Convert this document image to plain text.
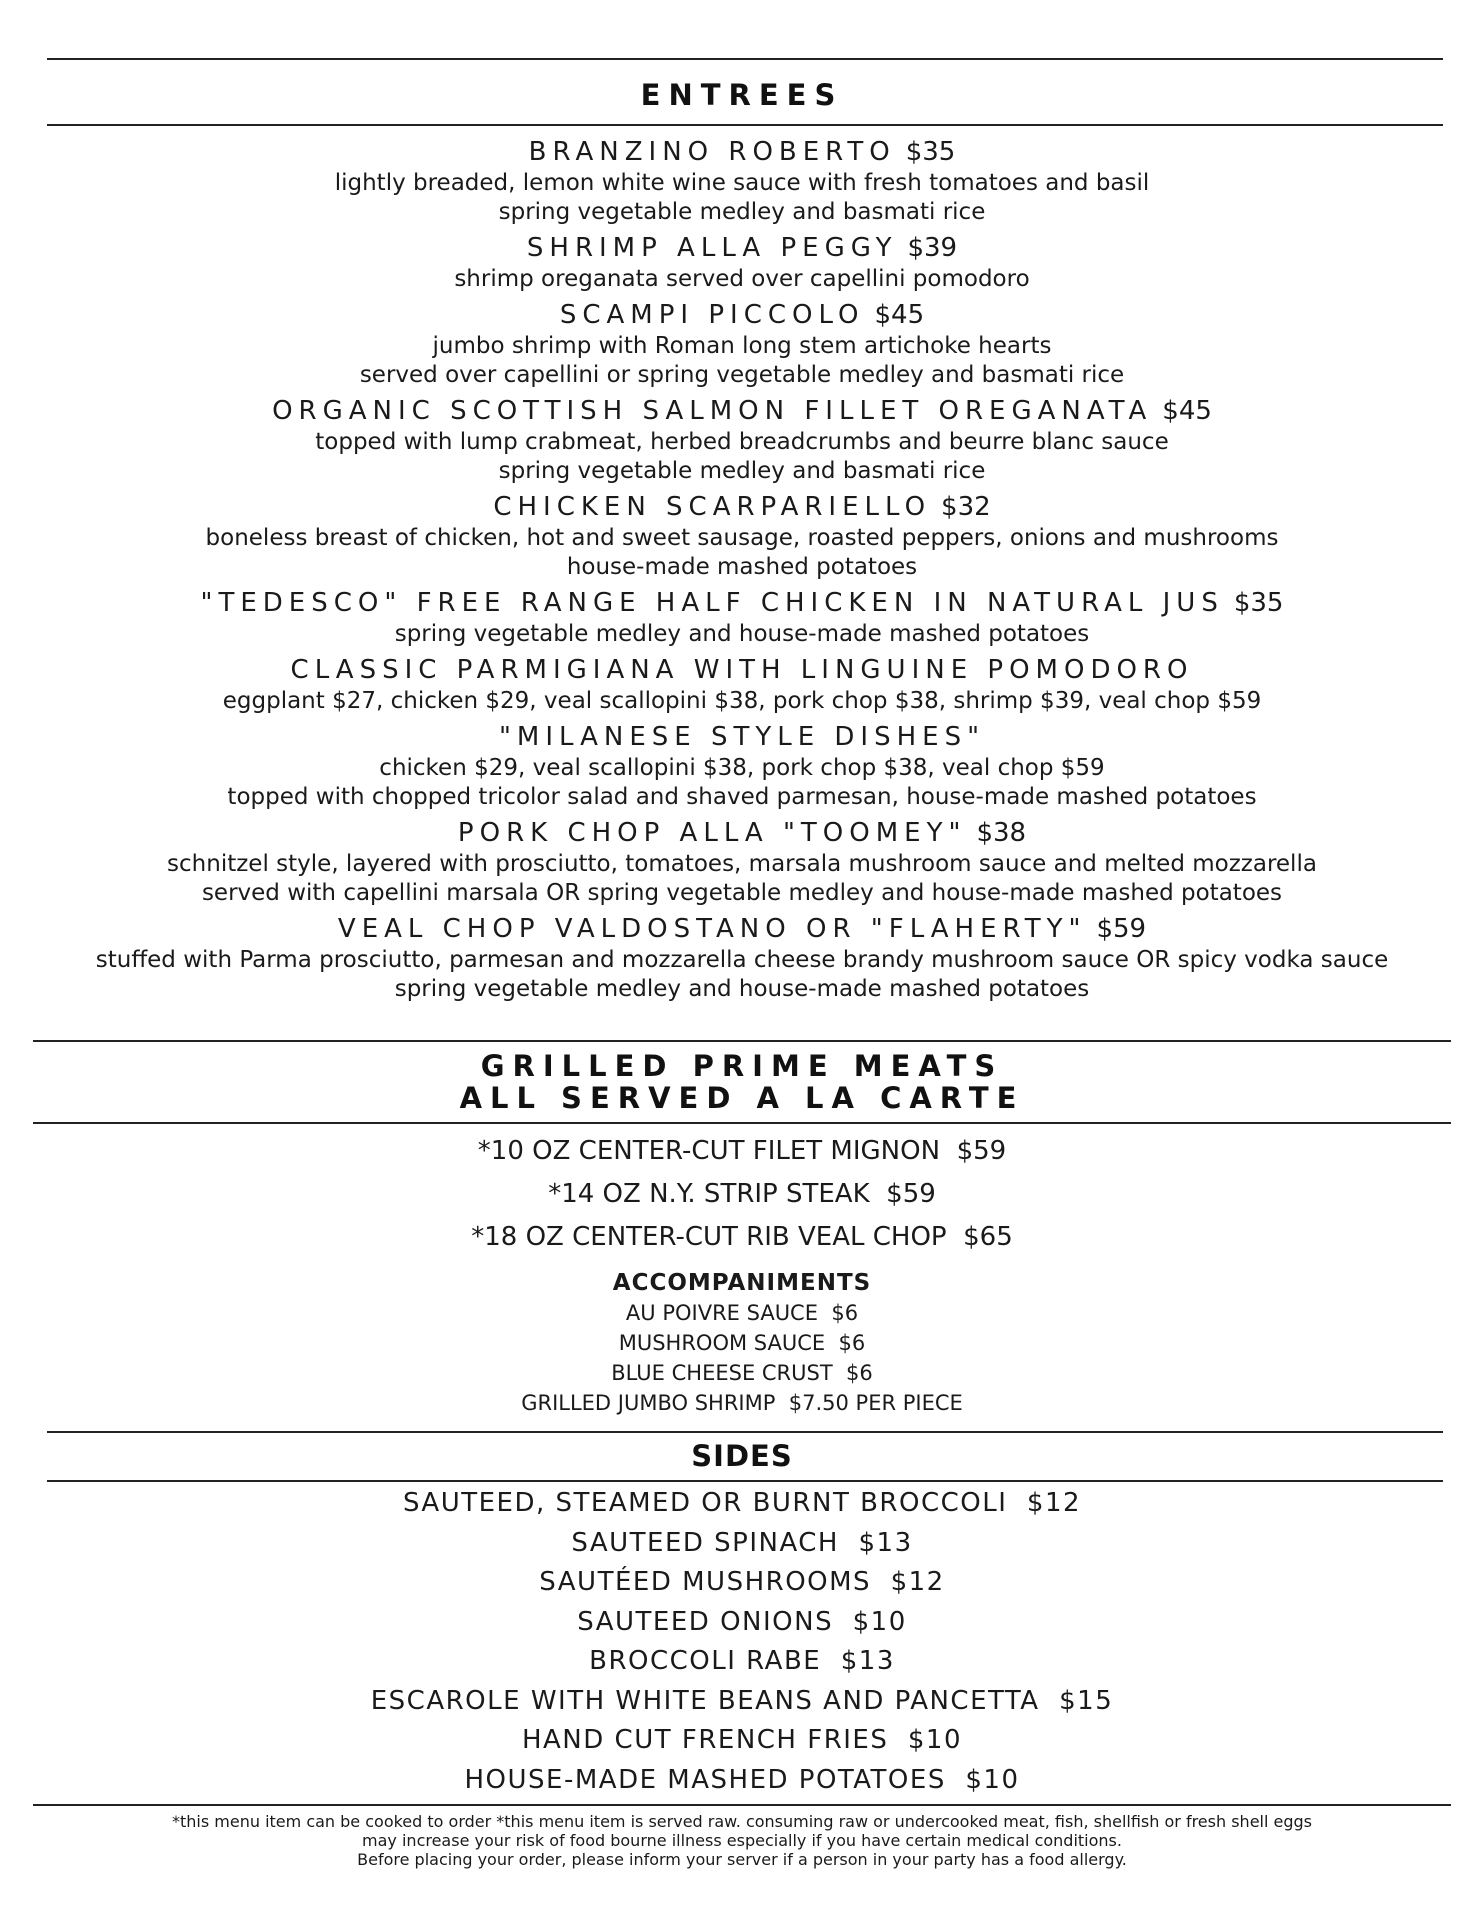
ENTREES
BRANZINO ROBERTO $35
lightly breaded, lemon white wine sauce with fresh tomatoes and basil
spring vegetable medley and basmati rice
SHRIMP ALLA PEGGY $39
shrimp oreganata served over capellini pomodoro
SCAMPI PICCOLO $45
jumbo shrimp with Roman long stem artichoke hearts
served over capellini or spring vegetable medley and basmati rice
ORGANIC SCOTTISH SALMON FILLET OREGANATA $45
topped with lump crabmeat, herbed breadcrumbs and beurre blanc sauce
spring vegetable medley and basmati rice
CHICKEN SCARPARIELLO $32
boneless breast of chicken, hot and sweet sausage, roasted peppers, onions and mushrooms
house-made mashed potatoes
"TEDESCO" FREE RANGE HALF CHICKEN IN NATURAL JUS $35
spring vegetable medley and house-made mashed potatoes
CLASSIC PARMIGIANA WITH LINGUINE POMODORO
eggplant $27, chicken $29, veal scallopini $38, pork chop $38, shrimp $39, veal chop $59
"MILANESE STYLE DISHES"
chicken $29, veal scallopini $38, pork chop $38, veal chop $59
topped with chopped tricolor salad and shaved parmesan, house-made mashed potatoes
PORK CHOP ALLA "TOOMEY" $38
schnitzel style, layered with prosciutto, tomatoes, marsala mushroom sauce and melted mozzarella
served with capellini marsala OR spring vegetable medley and house-made mashed potatoes
VEAL CHOP VALDOSTANO OR "FLAHERTY" $59
stuffed with Parma prosciutto, parmesan and mozzarella cheese brandy mushroom sauce OR spicy vodka sauce
spring vegetable medley and house-made mashed potatoes
GRILLED PRIME MEATS
ALL SERVED A LA CARTE
*10 OZ CENTER-CUT FILET MIGNON  $59
*14 OZ N.Y. STRIP STEAK  $59
*18 OZ CENTER-CUT RIB VEAL CHOP  $65
ACCOMPANIMENTS
AU POIVRE SAUCE  $6
MUSHROOM SAUCE  $6
BLUE CHEESE CRUST  $6
GRILLED JUMBO SHRIMP  $7.50 PER PIECE
SIDES
SAUTEED, STEAMED OR BURNT BROCCOLI  $12
SAUTEED SPINACH  $13
SAUTÉED MUSHROOMS  $12
SAUTEED ONIONS  $10
BROCCOLI RABE  $13
ESCAROLE WITH WHITE BEANS AND PANCETTA  $15
HAND CUT FRENCH FRIES  $10
HOUSE-MADE MASHED POTATOES  $10
*this menu item can be cooked to order *this menu item is served raw. consuming raw or undercooked meat, fish, shellfish or fresh shell eggs
may increase your risk of food bourne illness especially if you have certain medical conditions.
Before placing your order, please inform your server if a person in your party has a food allergy.
